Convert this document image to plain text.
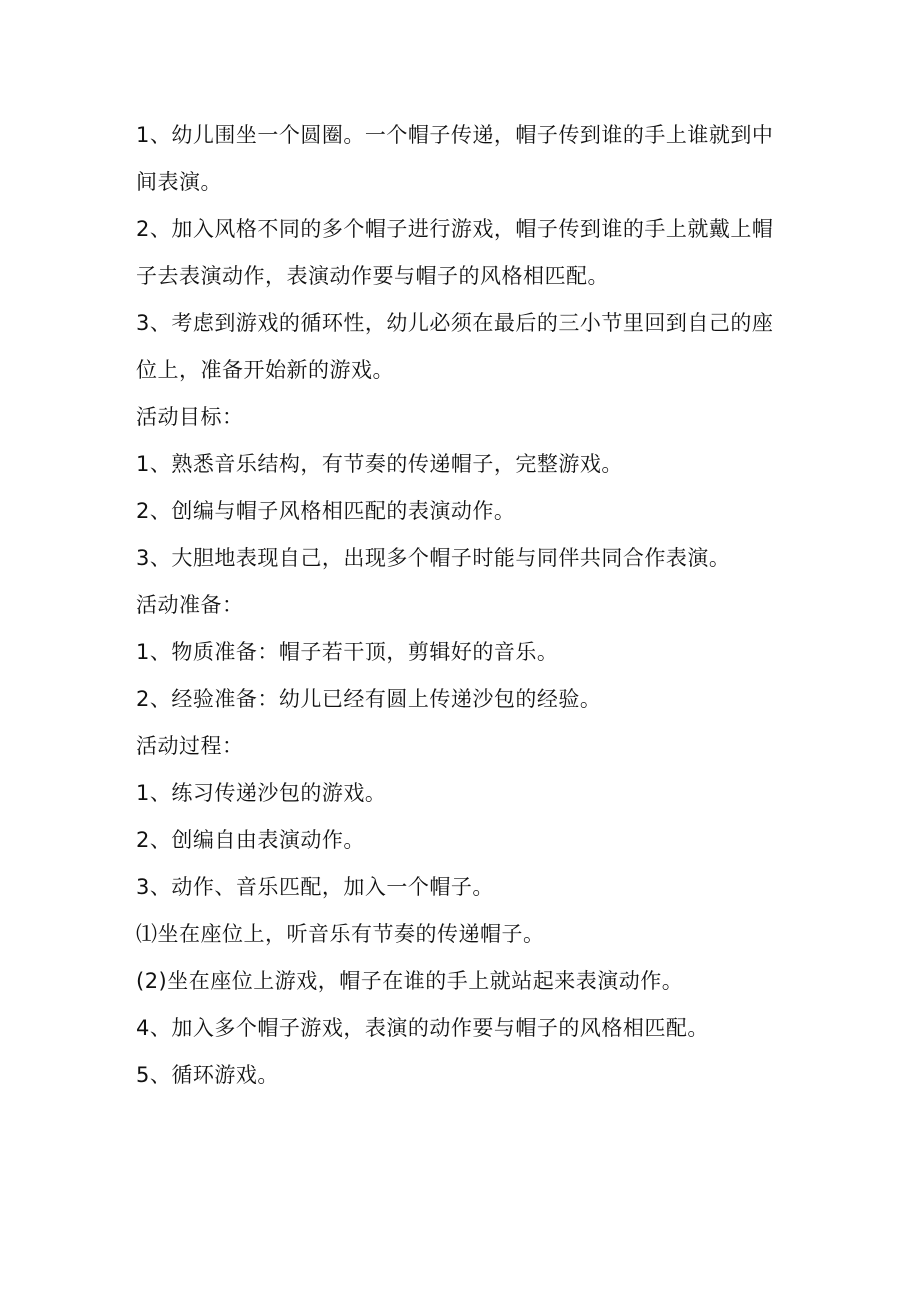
1、幼儿围坐一个圆圈。一个帽子传递，帽子传到谁的手上谁就到中间表演。

2、加入风格不同的多个帽子进行游戏，帽子传到谁的手上就戴上帽子去表演动作，表演动作要与帽子的风格相匹配。

3、考虑到游戏的循环性，幼儿必须在最后的三小节里回到自己的座位上，准备开始新的游戏。

活动目标：

1、熟悉音乐结构，有节奏的传递帽子，完整游戏。

2、创编与帽子风格相匹配的表演动作。

3、大胆地表现自己，出现多个帽子时能与同伴共同合作表演。

活动准备：

1、物质准备：帽子若干顶，剪辑好的音乐。

2、经验准备：幼儿已经有圆上传递沙包的经验。

活动过程：

1、练习传递沙包的游戏。

2、创编自由表演动作。

3、动作、音乐匹配，加入一个帽子。

⑴坐在座位上，听音乐有节奏的传递帽子。

(2)坐在座位上游戏，帽子在谁的手上就站起来表演动作。

4、加入多个帽子游戏，表演的动作要与帽子的风格相匹配。

5、循环游戏。
